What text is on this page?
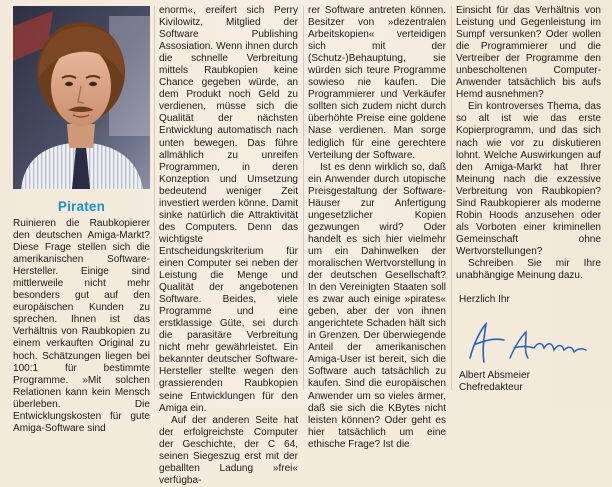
Piraten

Ruinieren die Raubkopierer den deutschen Amiga-Markt? Diese Frage stellen sich die amerikanischen Software-Hersteller. Einige sind mittlerweile nicht mehr besonders gut auf den europäischen Kunden zu sprechen. Ihnen ist das Verhältnis von Raubkopien zu einem verkauften Original zu hoch. Schätzungen liegen bei 100:1 für bestimmte Programme. »Mit solchen Relationen kann kein Mensch überleben. Die Entwicklungskosten für gute Amiga-Software sind

enorm«, ereifert sich Perry Kivilowitz, Mitglied der Software Publishing Assosiation. Wenn ihnen durch die schnelle Verbreitung mittels Raubkopien keine Chance gegeben würde, an dem Produkt noch Geld zu verdienen, müsse sich die Qualität der nächsten Entwicklung automatisch nach unten bewegen. Das führe allmählich zu unreifen Programmen, in deren Konzeption und Umsetzung bedeutend weniger Zeit investiert werden könne. Damit sinke natürlich die Attraktivität des Computers. Denn das wichtigste Entscheidungskriterium für einen Computer sei neben der Leistung die Menge und Qualität der angebotenen Software. Beides, viele Programme und eine erstklassige Güte, sei durch die parasitäre Verbreitung nicht mehr gewährleistet. Ein bekannter deutscher Software-Hersteller stellte wegen den grassierenden Raubkopien seine Entwicklungen für den Amiga ein.

Auf der anderen Seite hat der erfolgreichste Computer der Geschichte, der C 64, seinen Siegeszug erst mit der geballten Ladung »frei« verfügba-

rer Software antreten können. Besitzer von »dezentralen Arbeitskopien« verteidigen sich mit der (Schutz-)Behauptung, sie würden sich teure Programme sowieso nie kaufen. Die Programmierer und Verkäufer sollten sich zudem nicht durch überhöhte Preise eine goldene Nase verdienen. Man sorge lediglich für eine gerechtere Verteilung der Software.

Ist es denn wirklich so, daß ein Anwender durch utopische Preisgestaltung der Software-Häuser zur Anfertigung ungesetzlicher Kopien gezwungen wird? Oder handelt es sich hier vielmehr um ein Dahinwelken der moralischen Wertvorstellung in der deutschen Gesellschaft? In den Vereinigten Staaten soll es zwar auch einige »pirates« geben, aber der von ihnen angerichtete Schaden hält sich in Grenzen. Der überwiegende Anteil der amerikanischen Amiga-User ist bereit, sich die Software auch tatsächlich zu kaufen. Sind die europäischen Anwender um so vieles ärmer, daß sie sich die KBytes nicht leisten können? Oder geht es hier tatsächlich um eine ethische Frage? Ist die

Einsicht für das Verhältnis von Leistung und Gegenleistung im Sumpf versunken? Oder wollen die Programmierer und die Vertreiber der Programme den unbescholtenen Computer-Anwender tatsächlich bis aufs Hemd ausnehmen?

Ein kontroverses Thema, das so alt ist wie das erste Kopierprogramm, und das sich nach wie vor zu diskutieren lohnt. Welche Auswirkungen auf den Amiga-Markt hat Ihrer Meinung nach die exzessive Verbreitung von Raubkopien? Sind Raubkopierer als moderne Robin Hoods anzusehen oder als Vorboten einer kriminellen Gemeinschaft ohne Wertvorstellungen?

Schreiben Sie mir Ihre unabhängige Meinung dazu.

Herzlich Ihr
Albert Absmeier
Chefredakteur
